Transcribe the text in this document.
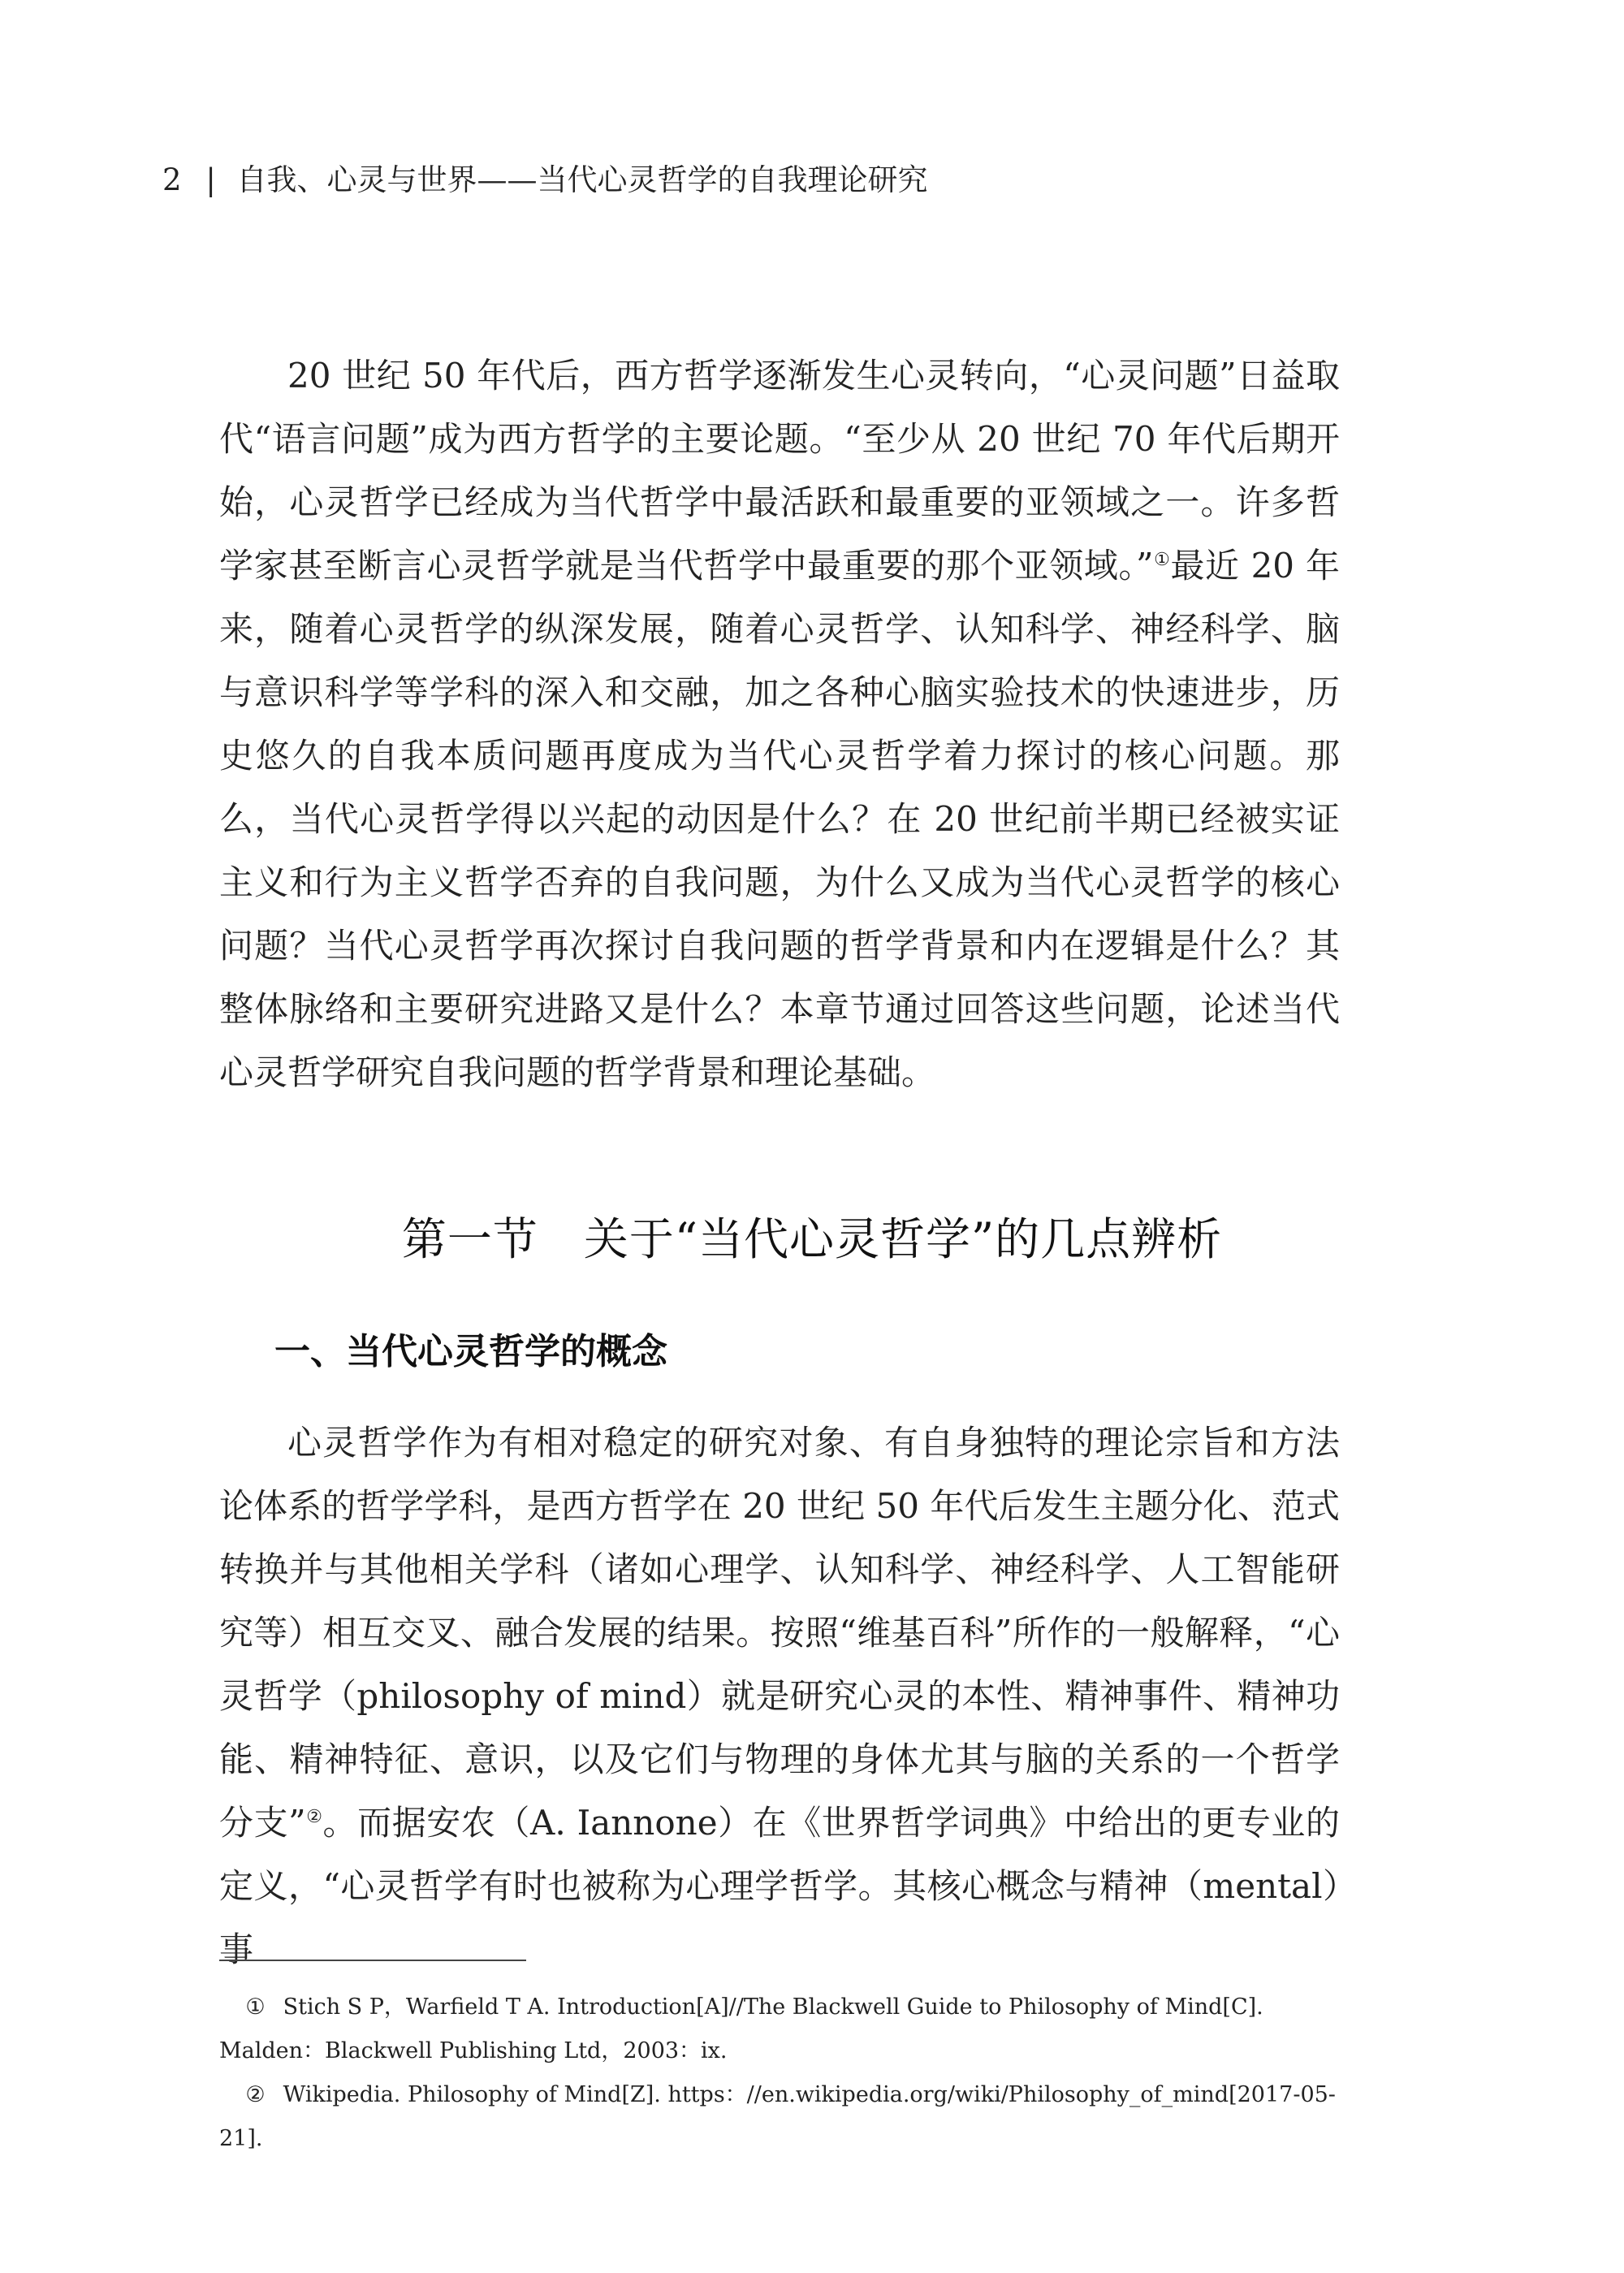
2 | 自我、心灵与世界——当代心灵哲学的自我理论研究

20 世纪 50 年代后，西方哲学逐渐发生心灵转向，“心灵问题”日益取代“语言问题”成为西方哲学的主要论题。“至少从 20 世纪 70 年代后期开始，心灵哲学已经成为当代哲学中最活跃和最重要的亚领域之一。许多哲学家甚至断言心灵哲学就是当代哲学中最重要的那个亚领域。”①最近 20 年来，随着心灵哲学的纵深发展，随着心灵哲学、认知科学、神经科学、脑与意识科学等学科的深入和交融，加之各种心脑实验技术的快速进步，历史悠久的自我本质问题再度成为当代心灵哲学着力探讨的核心问题。那么，当代心灵哲学得以兴起的动因是什么？在 20 世纪前半期已经被实证主义和行为主义哲学否弃的自我问题，为什么又成为当代心灵哲学的核心问题？当代心灵哲学再次探讨自我问题的哲学背景和内在逻辑是什么？其整体脉络和主要研究进路又是什么？本章节通过回答这些问题，论述当代心灵哲学研究自我问题的哲学背景和理论基础。

第一节　关于“当代心灵哲学”的几点辨析
一、当代心灵哲学的概念

心灵哲学作为有相对稳定的研究对象、有自身独特的理论宗旨和方法论体系的哲学学科，是西方哲学在 20 世纪 50 年代后发生主题分化、范式转换并与其他相关学科（诸如心理学、认知科学、神经科学、人工智能研究等）相互交叉、融合发展的结果。按照“维基百科”所作的一般解释，“心灵哲学（philosophy of mind）就是研究心灵的本性、精神事件、精神功能、精神特征、意识，以及它们与物理的身体尤其与脑的关系的一个哲学分支”②。而据安农（A. Iannone）在《世界哲学词典》中给出的更专业的定义，“心灵哲学有时也被称为心理学哲学。其核心概念与精神（mental）事

① Stich S P，Warfield T A. Introduction[A]//The Blackwell Guide to Philosophy of Mind[C]. Malden：Blackwell Publishing Ltd，2003：ix.

② Wikipedia. Philosophy of Mind[Z]. https：//en.wikipedia.org/wiki/Philosophy_of_mind[2017-05-21].
